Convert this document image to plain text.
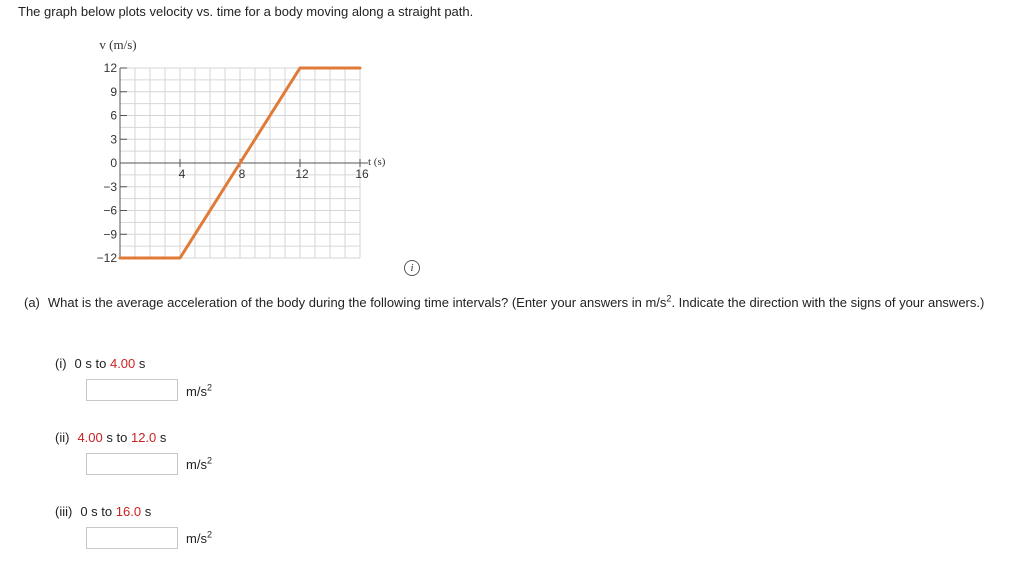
The graph below plots velocity vs. time for a body moving along a straight path.
12
9
6
3
0
−3
−6
−9
−12
4	8	12	16
v (m/s)
t (s)
i
(a) What is the average acceleration of the body during the following time intervals? (Enter your answers in $m/s^2$. Indicate the direction with the signs of your answers.)
(i) 0 s to 4.00 s
$m/s^2$
(ii) 4.00 s to 12.0 s
$m/s^2$
(iii) 0 s to 16.0 s
$m/s^2$
